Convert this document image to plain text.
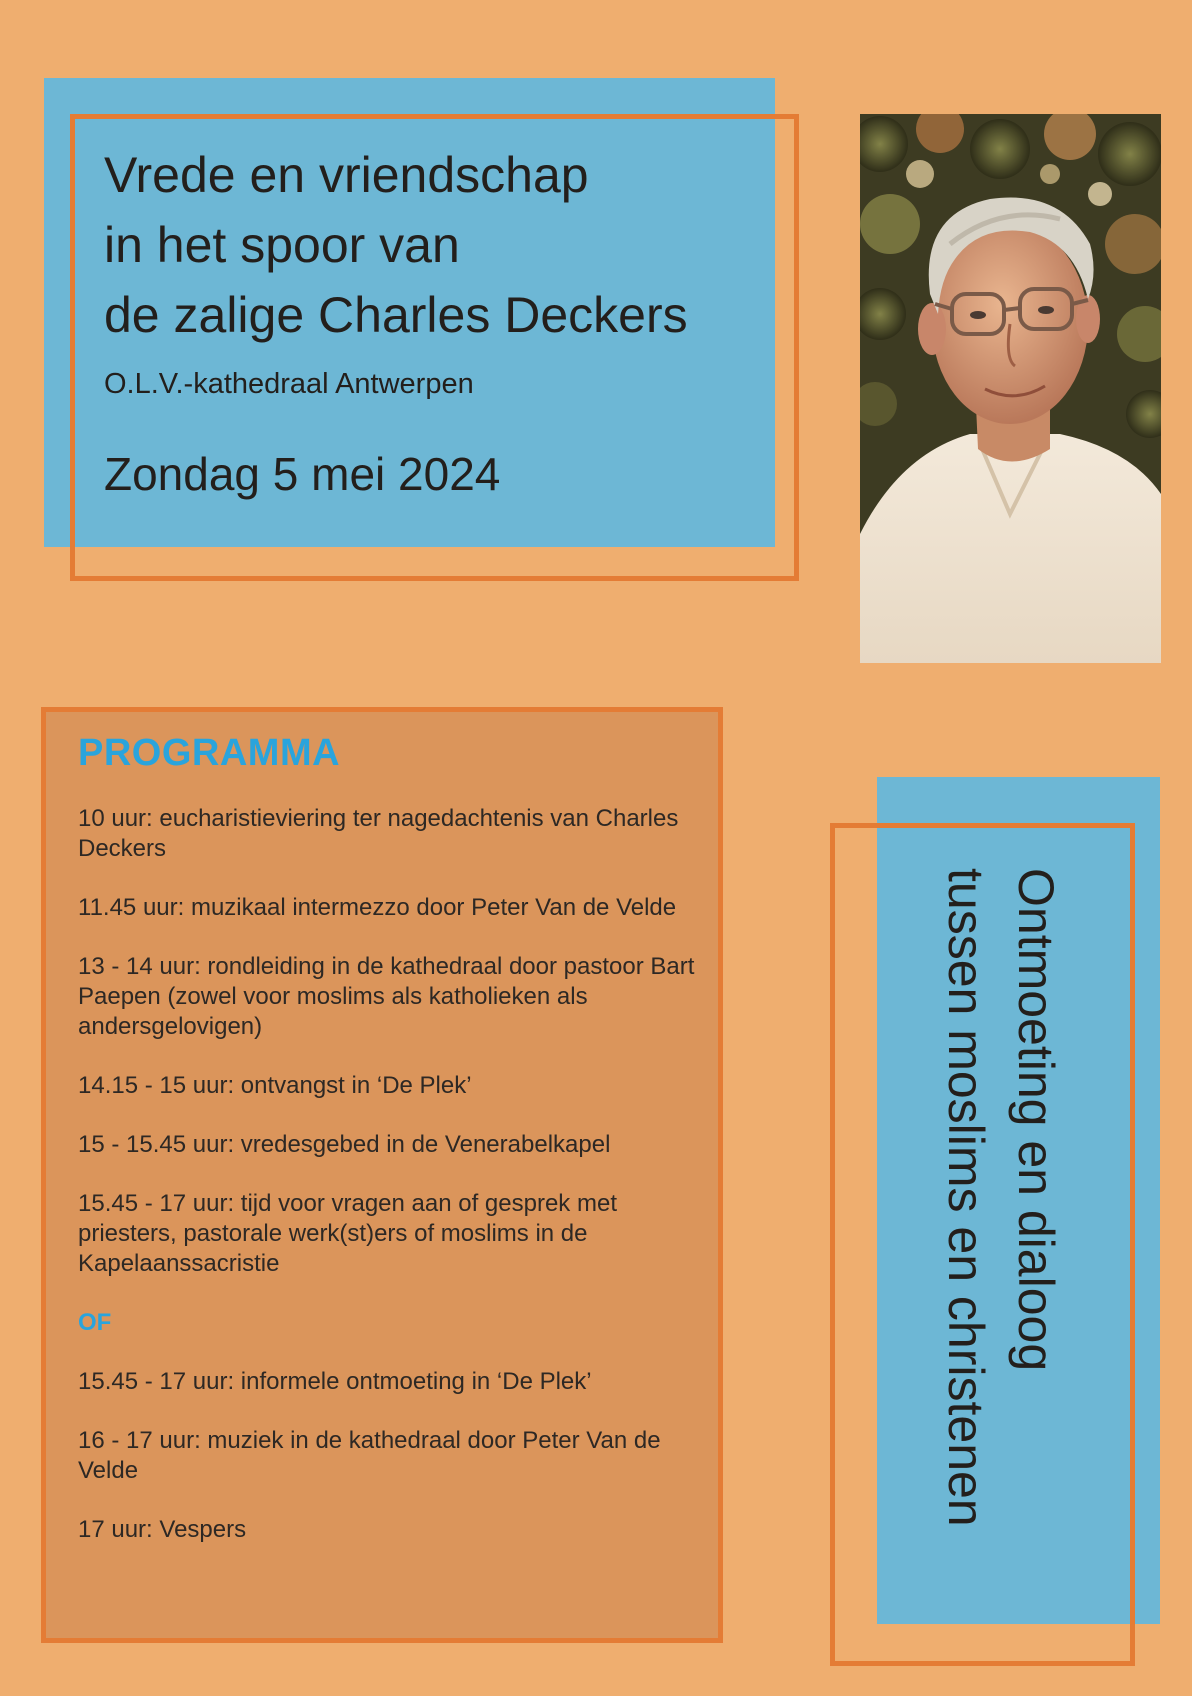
Vrede en vriendschap
in het spoor van
de zalige Charles Deckers
O.L.V.-kathedraal Antwerpen
Zondag 5 mei 2024
PROGRAMMA
10 uur: eucharistieviering ter nagedachtenis van Charles Deckers
11.45 uur: muzikaal intermezzo door Peter Van de Velde
13 - 14 uur: rondleiding in de kathedraal door pastoor Bart Paepen (zowel voor moslims als katholieken als andersgelovigen)
14.15 - 15 uur: ontvangst in ‘De Plek’
15 - 15.45 uur: vredesgebed in de Venerabelkapel
15.45 - 17 uur: tijd voor vragen aan of gesprek met priesters, pastorale werk(st)ers of moslims in de Kapelaanssacristie
OF
15.45 - 17 uur: informele ontmoeting in ‘De Plek’
16 - 17 uur: muziek in de kathedraal door Peter Van de Velde
17 uur: Vespers
Ontmoeting en dialoog
tussen moslims en christenen
